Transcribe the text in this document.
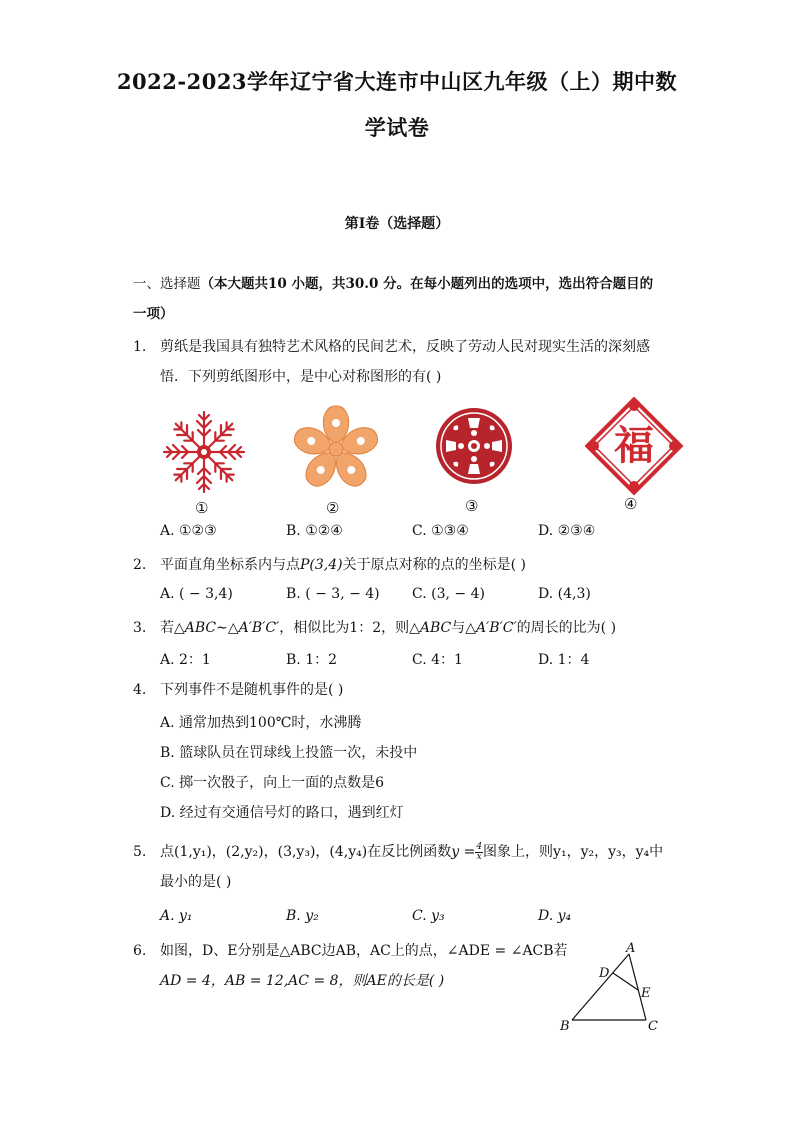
2022-2023学年辽宁省大连市中山区九年级（上）期中数
学试卷
第I卷（选择题）
一、选择题（本大题共10 小题，共30.0 分。在每小题列出的选项中，选出符合题目的
一项）
1. 剪纸是我国具有独特艺术风格的民间艺术，反映了劳动人民对现实生活的深刻感
悟．下列剪纸图形中，是中心对称图形的有( )
①	②	③
福
④
A. ①②③	B. ①②④	C. ①③④	D. ②③④
2. 平面直角坐标系内与点P(3,4)关于原点对称的点的坐标是( )
A. ( − 3,4)	B. ( − 3, − 4) C. (3, − 4)	D. (4,3)
3. 若△ABC∼△A′B′C′，相似比为1：2，则△ABC与△A′B′C′的周长的比为( )
A. 2：1	B. 1：2	C. 4：1	D. 1：4
4. 下列事件不是随机事件的是( )
A. 通常加热到100℃时，水沸腾
B. 篮球队员在罚球线上投篮一次，未投中
C. 掷一次骰子，向上一面的点数是6
D. 经过有交通信号灯的路口，遇到红灯
5. 点(1,y₁)，(2,y₂)，(3,y₃)，(4,y₄)在反比例函数$y = \frac{4}{x}$ 图象上，则y₁，y₂，y₃，y₄中
最小的是( )
A. y₁	B. y₂	C. y₃	D. y₄
6. 如图，D、E分别是△ABC边AB，AC上的点，∠ADE = ∠ACB若
AD = 4，AB = 12,AC = 8，则AE的长是( )
A
D
E
B	C
